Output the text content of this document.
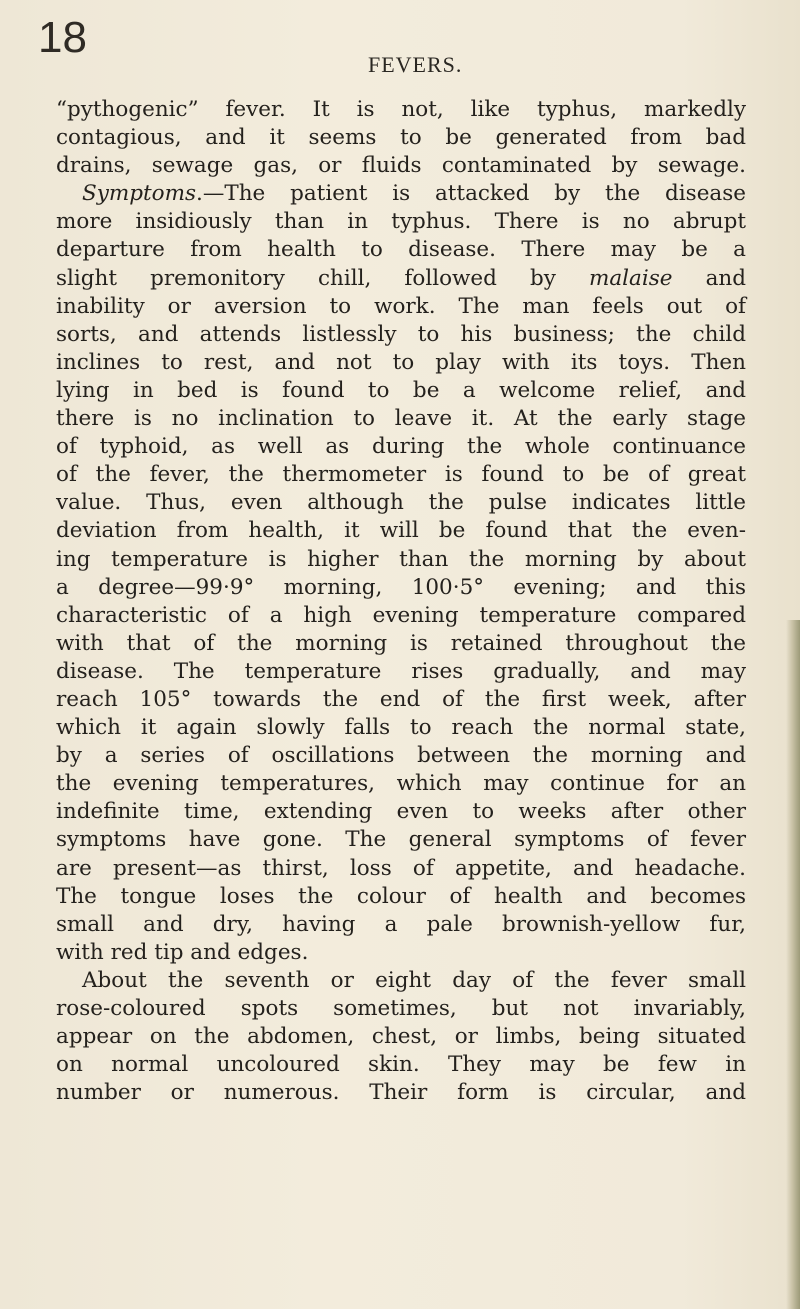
18
FEVERS.
“pythogenic” fever. It is not, like typhus, markedly
contagious, and it seems to be generated from bad
drains, sewage gas, or fluids contaminated by sewage.
Symptoms.—The patient is attacked by the disease
more insidiously than in typhus. There is no abrupt
departure from health to disease. There may be a
slight premonitory chill, followed by malaise and
inability or aversion to work. The man feels out of
sorts, and attends listlessly to his business; the child
inclines to rest, and not to play with its toys. Then
lying in bed is found to be a welcome relief, and
there is no inclination to leave it. At the early stage
of typhoid, as well as during the whole continuance
of the fever, the thermometer is found to be of great
value. Thus, even although the pulse indicates little
deviation from health, it will be found that the even-
ing temperature is higher than the morning by about
a degree—99·9° morning, 100·5° evening; and this
characteristic of a high evening temperature compared
with that of the morning is retained throughout the
disease. The temperature rises gradually, and may
reach 105° towards the end of the first week, after
which it again slowly falls to reach the normal state,
by a series of oscillations between the morning and
the evening temperatures, which may continue for an
indefinite time, extending even to weeks after other
symptoms have gone. The general symptoms of fever
are present—as thirst, loss of appetite, and headache.
The tongue loses the colour of health and becomes
small and dry, having a pale brownish-yellow fur,
with red tip and edges.
About the seventh or eight day of the fever small
rose-coloured spots sometimes, but not invariably,
appear on the abdomen, chest, or limbs, being situated
on normal uncoloured skin. They may be few in
number or numerous. Their form is circular, and
